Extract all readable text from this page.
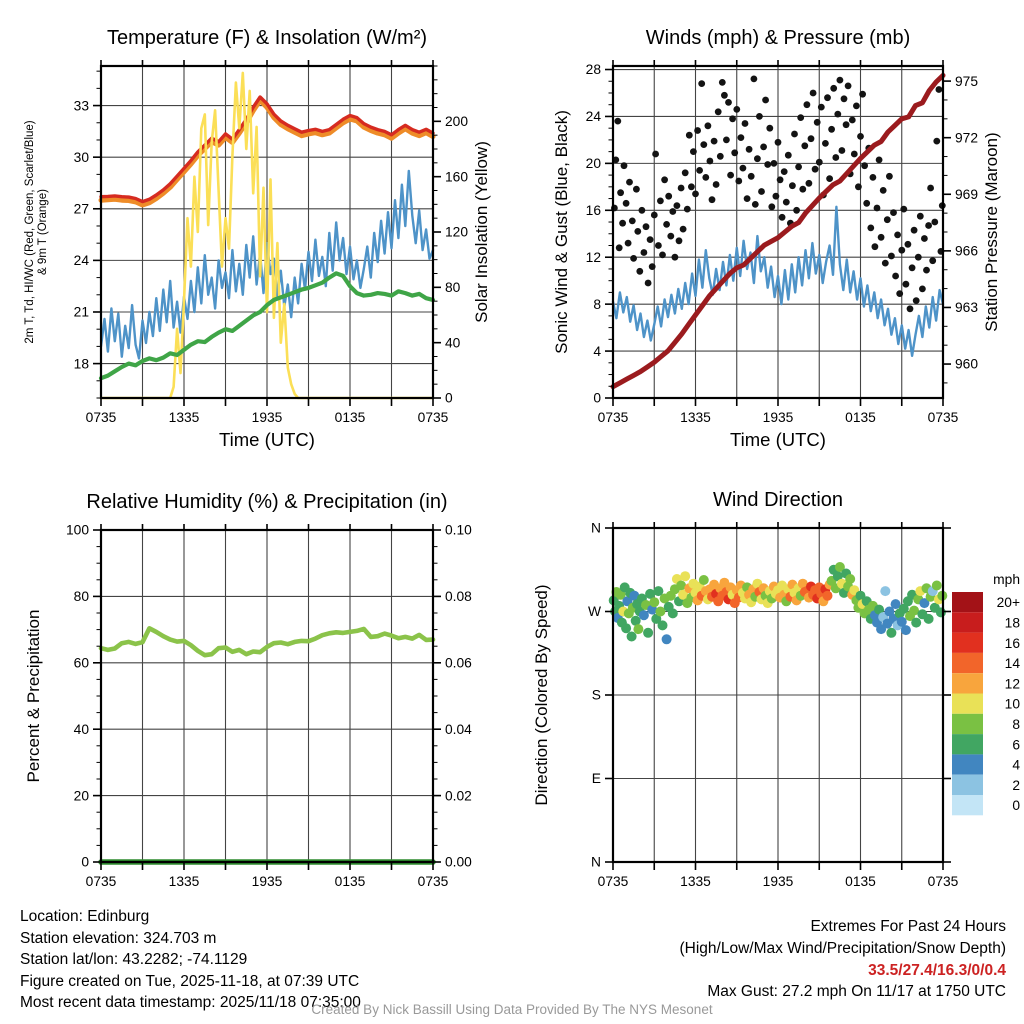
0735	1335	1935	0135	0735
18
21
24
27
30
33
0
40
80
120
160
200
Solar Insolation (Yellow)
2m T, Td, HI/WC (Red, Green, Scarlet/Blue) & 9m T (Orange)
Temperature (F) & Insolation (W/m²)
Time (UTC)
0735	1335	1935	0135	0735
0
4
8
12
16
20
24
28
960
963
966
969
972
975
Station Pressure (Maroon)
Sonic Wind & Gust (Blue, Black)
Winds (mph) & Pressure (mb)
Time (UTC)
0735	1335	1935	0135	0735
0
20
40
60
80
100
0.00
0.02
0.04
0.06
0.08
0.10
Percent & Precipitation
Relative Humidity (%) & Precipitation (in)
0735	1335	1935	0135	0735
N
E
S
W
N
Direction (Colored By Speed)
Wind Direction
mph
20+
18
16
14
12
10
8
6
4
2
0
Location: Edinburg
Station elevation: 324.703 m
Station lat/lon: 43.2282; -74.1129
Figure created on Tue, 2025-11-18, at 07:39 UTC
Most recent data timestamp: 2025/11/18 07:35:00
Extremes For Past 24 Hours
(High/Low/Max Wind/Precipitation/Snow Depth)
33.5/27.4/16.3/0/0.4
Max Gust: 27.2 mph On 11/17 at 1750 UTC
Created By Nick Bassill Using Data Provided By The NYS Mesonet
